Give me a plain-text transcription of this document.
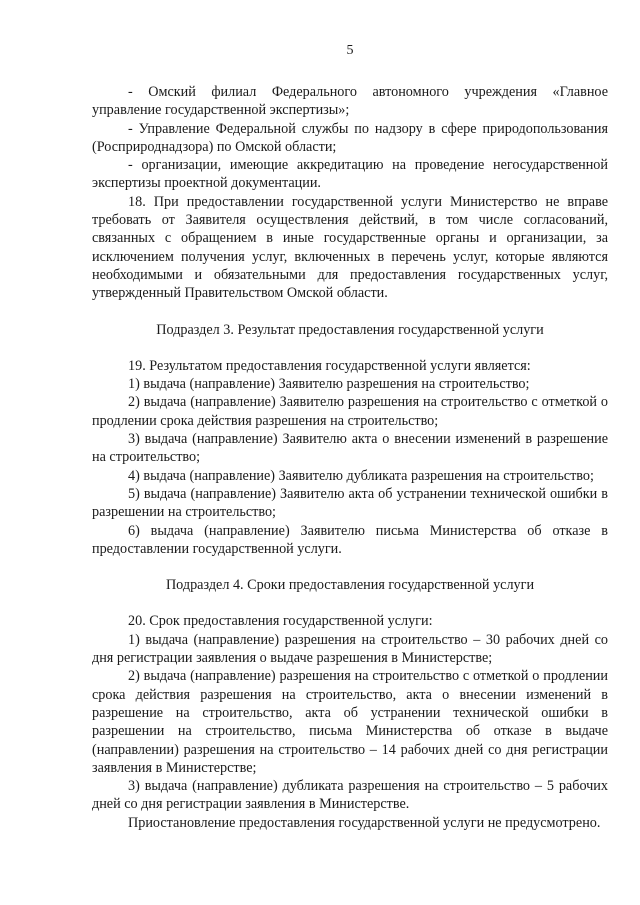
5

- Омский филиал Федерального автономного учреждения «Главное управление государственной экспертизы»;

- Управление Федеральной службы по надзору в сфере природопользования (Росприроднадзора) по Омской области;

- организации, имеющие аккредитацию на проведение негосударственной экспертизы проектной документации.

18. При предоставлении государственной услуги Министерство не вправе требовать от Заявителя осуществления действий, в том числе согласований, связанных с обращением в иные государственные органы и организации, за исключением получения услуг, включенных в перечень услуг, которые являются необходимыми и обязательными для предоставления государственных услуг, утвержденный Правительством Омской области.

Подраздел 3. Результат предоставления государственной услуги

19. Результатом предоставления государственной услуги является:

1) выдача (направление) Заявителю разрешения на строительство;

2) выдача (направление) Заявителю разрешения на строительство с отметкой о продлении срока действия разрешения на строительство;

3) выдача (направление) Заявителю акта о внесении изменений в разрешение на строительство;

4) выдача (направление) Заявителю дубликата разрешения на строительство;

5) выдача (направление) Заявителю акта об устранении технической ошибки в разрешении на строительство;

6) выдача (направление) Заявителю письма Министерства об отказе в предоставлении государственной услуги.

Подраздел 4. Сроки предоставления государственной услуги

20. Срок предоставления государственной услуги:

1) выдача (направление) разрешения на строительство – 30 рабочих дней со дня регистрации заявления о выдаче разрешения в Министерстве;

2) выдача (направление) разрешения на строительство с отметкой о продлении срока действия разрешения на строительство, акта о внесении изменений в разрешение на строительство, акта об устранении технической ошибки в разрешении на строительство, письма Министерства об отказе в выдаче (направлении) разрешения на строительство – 14 рабочих дней со дня регистрации заявления в Министерстве;

3) выдача (направление) дубликата разрешения на строительство – 5 рабочих дней со дня регистрации заявления в Министерстве.

Приостановление предоставления государственной услуги не предусмотрено.
